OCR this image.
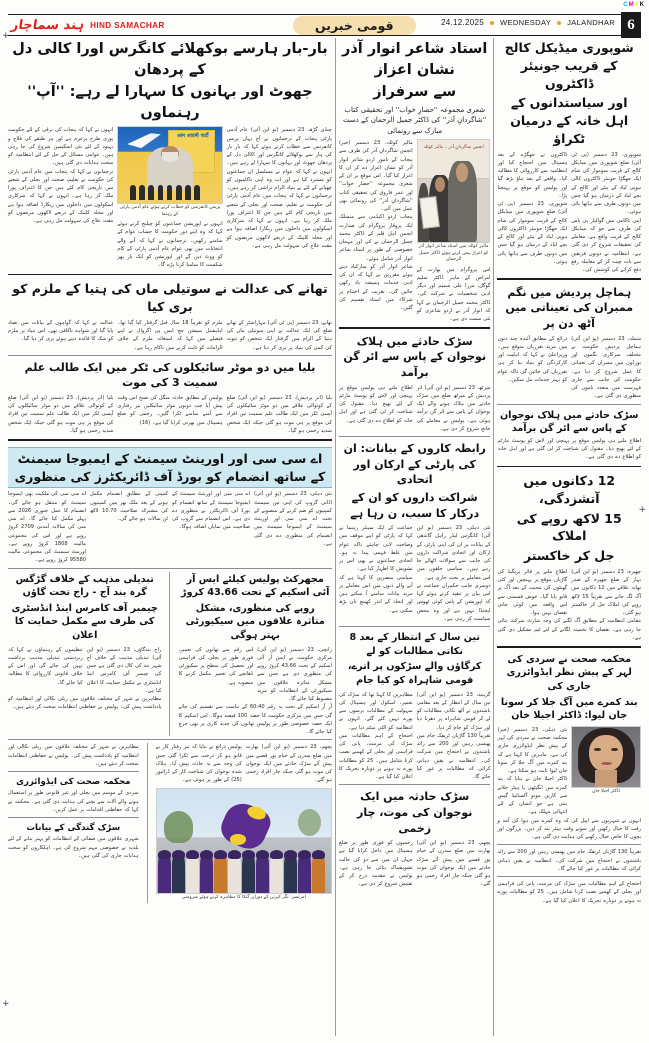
+
+
+
CMYK
ہند سماچار HIND SAMACHAR	قومی خبریں	24.12.2025 WEDNESDAY JALANDHAR 6
بار-بار ہارسے بوکھلائے کانگرس اورا کالی دل کے پردھان
جھوٹ اور بہانوں کا سہارا لے رہے: ''آپ'' رہنماوں
چنڈی گڑھ، 23 دسمبر (یو این آئی) عام آدمی پارٹی پنجاب کے ترجمانوں نے آج یہاں پریس کانفرنس سے خطاب کرتے ہوئے کہا کہ بار بار کی ہار سے بوکھلائے کانگرس اور اکالی دل کے پردھان جھوٹ اور بہانوں کا سہارا لے رہے ہیں۔ انہوں نے کہا کہ عوام نے مسلسل ان جماعتوں کو مسترد کیا ہے اور اب وہ اپنی ناکامیوں کو چھپانے کے لئے بے بنیاد الزام تراشی کر رہے ہیں۔
ترجمانوں نے کہا کہ پنجاب میں عام آدمی پارٹی کی حکومت نے تعلیم، صحت اور بجلی کے شعبے میں تاریخی کام کئے ہیں جن کا اعتراف پورا ملک کر رہا ہے۔ انہوں نے کہا کہ سرکاری اسکولوں میں داخلوں میں ریکارڈ اضافہ ہوا ہے اور محلہ کلینک کے ذریعے لاکھوں مریضوں کو مفت علاج کی سہولت مل رہی ہے۔
आम आदमी पार्टी
پریس کانفرنس کو خطاب کرتے ہوئے عام آدمی پارٹی کے رہنما
انہوں نے اپوزیشن جماعتوں کو چیلنج کرتے ہوئے کہا کہ وہ اپنے دور حکومت کا حساب عوام کے سامنے رکھیں۔ ترجمانوں نے کہا کہ آنے والے انتخابات میں بھی عوام عام آدمی پارٹی کے کام کو ووٹ دیں گے اور اپوزیشن کو ایک بار پھر شکست کا سامنا کرنا پڑے گا۔
انہوں نے کہا کہ پنجاب کی ترقی کے لئے حکومت پوری طرح پرعزم ہے اور ہر طبقے کی فلاح و بہبود کے لئے نئی اسکیمیں شروع کی جا رہی ہیں۔ عوامی مسائل کے حل کے لئے انتظامیہ کو سخت ہدایات دی گئی ہیں۔
ترجمانوں نے کہا کہ پنجاب میں عام آدمی پارٹی کی حکومت نے تعلیم، صحت اور بجلی کے شعبے میں تاریخی کام کئے ہیں جن کا اعتراف پورا ملک کر رہا ہے۔ انہوں نے کہا کہ سرکاری اسکولوں میں داخلوں میں ریکارڈ اضافہ ہوا ہے اور محلہ کلینک کے ذریعے لاکھوں مریضوں کو مفت علاج کی سہولت مل رہی ہے۔
تھانے کی عدالت نے سوتیلی ماں کی ہتیا کے ملزم کو بری کیا
تھانے، 23 دسمبر (پی ٹی آئی) مہاراشٹر کے تھانے ضلع کی ایک عدالت نے اپنی سوتیلی ماں کی ہتیا کے الزام میں گرفتار ایک شخص کو ثبوت کی کمی کی بنیاد پر بری کر دیا ہے۔
ملزم کو تقریباً 18 سال قبل گرفتار کیا گیا تھا۔ ایڈیشنل سیشن جج ایس پی اگروال نے اپنے فیصلے میں کہا کہ استغاثہ ملزم کے خلاف الزامات کو ثابت کرنے میں ناکام رہا ہے۔
عدالت نے کہا کہ گواہوں کے بیانات میں تضاد پایا گیا اور شواہد ناکافی تھے۔ اس بنیاد پر ملزم کو شک کا فائدہ دیتے ہوئے بری کر دیا گیا۔
بلیا میں دو موٹر سائیکلوں کی ٹکر میں ایک طالب علم سمیت 3 کی موت
بلیا (اتر پردیش)، 23 دسمبر (یو این آئی) ضلع کے کوتوالی علاقے میں دو موٹر سائیکلوں کی آپسی ٹکر میں ایک طالب علم سمیت تین افراد کی موقع پر ہی موت ہو گئی جبکہ ایک شخص شدید زخمی ہو گیا۔
پولیس کے مطابق حادثہ منگل کی صبح اس وقت پیش آیا جب دونوں موٹر سائیکلیں تیز رفتاری سے آمنے سامنے ٹکرا گئیں۔ زخمی کو ضلع ہسپتال میں بھرتی کرایا گیا ہے۔ (16)
بلیا (اتر پردیش)، 23 دسمبر (یو این آئی) ضلع کے کوتوالی علاقے میں دو موٹر سائیکلوں کی آپسی ٹکر میں ایک طالب علم سمیت تین افراد کی موقع پر ہی موت ہو گئی جبکہ ایک شخص شدید زخمی ہو گیا۔
اے سی سی اور اورینٹ سیمنٹ کے ایمبوجا سیمنٹ کے ساتھ انضمام کو بورڈ آف ڈائریکٹرز کی منظوری
نئی دہلی، 23 دسمبر (یو این آئی) اڈانی گروپ کی اپنی تین سیمنٹ کمپنیوں کو ضم کرنے کے منصوبے کے تحت اے سی سی اور اورینٹ سیمنٹ کے ایمبوجا سیمنٹ میں انضمام کی منظوری دے دی گئی ہے۔
اے سی سی اور اورینٹ سیمنٹ کے ایمبوجا سیمنٹ کے ساتھ انضمام کو بورڈ آف ڈائریکٹرز نے منظوری دے دی ہے۔ اس انضمام سے گروپ کی صلاحیت میں نمایاں اضافہ ہوگا۔
کمپنی کے مطابق انضمام مکمل ہونے کے بعد ملک بھر میں کمپنیوں کی مشترکہ صلاحیت 10.70 لاکھ ٹن سالانہ ہو جائے گی۔
اے سی سی کی ملکیت بھی ایمبوجا سیمنٹ کو منتقل ہو جائے گی۔ انضمام کا عمل جنوری 2026 سے پہلے مکمل کیا جائے گا۔ اے سی سی کی سالانہ آمدنی 2709 کروڑ روپے ہے اور اس کی مجموعی مالیت 1808 کروڑ روپے ہے۔ اورینٹ سیمنٹ کی مجموعی مالیت 95580 کروڑ روپے ہے۔
مجھرکٹ پولیس کیلئے ایس آر آئی اسکیم کے تحت 43.66 کروڑ
روپے کی منظوری، مشکل متاثرہ علاقوں میں سیکیورٹی بہتر ہوگی
رانچی، 23 دسمبر (یو این آئی) مرکزی حکومت نے ایس آر آئی اسکیم کے تحت 43.66 کروڑ روپے کی منظوری دی ہے جس سے مشکل متاثرہ علاقوں میں سیکیورٹی کے انتظامات کو مزید مضبوط کیا جائے گا۔
اس رقم سے تھانوں کی تعمیر، فوری طور پر بجلی کی فراہمی اور تحصیل کی سطح پر سکیورٹی ڈھانچے کی تعمیر مکمل کرنے کا منصوبہ ہے۔
آر آر اسکیم کے تحت یہ رقم 60:40 کے تناسب سے تقسیم کی جائے گی جس میں مرکزی حکومت کا حصہ 100 فیصد ہوگا۔ اس اسکیم کا ایک حصہ خصوصی طور پر پولیس تھانوں کی جدید کاری پر بھی خرچ کیا جائے گا۔
تبدیلی مذہب کے خلاف گڑگس گرہ بند آج - راج تخت گاؤں
چیمبر آف کامرس اینڈ انڈسٹری کی طرف سے مکمل حمایت کا اعلان
راج نندگاؤں، 23 دسمبر (یو این آئی) تبدیلی مذہب کے خلاف آج شہر بند کی کال دی گئی ہے جس کی چیمبر آف کامرس اینڈ انڈسٹری نے مکمل حمایت کا اعلان کیا ہے۔
تنظیموں کے رہنماؤں نے کہا کہ زبردستی تبدیلی مذہب برداشت نہیں کی جائے گی اور اس کے خلاف قانونی کارروائی کا مطالبہ کیا جائے گا۔
مظاہرین نے شہر کے مختلف علاقوں میں ریلی نکالی اور انتظامیہ کو یادداشت پیش کی۔ پولیس نے حفاظتی انتظامات سخت کر دیئے ہیں۔
پچھم، 23 دسمبر (یو این آئی) بھارت میں ضلع سدرن کے خیام پور قصبے میں پیش آئے سڑک حادثے میں ایک نوجوان کی موت ہو گئی جبکہ چار افراد زخمی ہو گئے۔
پولیس ذرائع نے بتایا کہ تیز رفتار کار بے قابو ہو کر درخت سے ٹکرا گئی جس کی وجہ سے یہ حادثہ پیش آیا۔ ہلاک شدہ نوجوان کی شناخت کار کے ڈرائیور (25) کے طور پر ہوئی ہے۔
امرتسر: نگر کیرتن کے دوران گتکا کا مظاہرہ کرتے ہوئے شرومنی
مظاہرین نے شہر کے مختلف علاقوں میں ریلی نکالی اور انتظامیہ کو یادداشت پیش کی۔ پولیس نے حفاظتی انتظامات سخت کر دیئے ہیں۔
محکمہ صحت کی ایڈوائزری
سردی کے موسم میں بجلی اور غیر قانونی طور پر استعمال ہونے والے آلات سے بچنے کی ہدایت دی گئی ہے۔ محکمہ نے کہا کہ حفاظتی اقدامات پر عمل کریں۔
سڑک گندگی کے بیانات
شہری علاقوں میں صفائی کے انتظامات کو بہتر بنانے کے لئے بلدیہ نے خصوصی مہم شروع کی ہے۔ اہلکاروں کو سخت ہدایات جاری کی گئی ہیں۔
استاد شاعر انوار آذر نشان اعزاز
سے سرفراز
شعری مجموعہ ''حصارِ خواب'' اور تحقیقی کتاب ''شاگردانِ آذر'' کی ڈاکٹر جمیل الرحمان کے دست مبارک سے رونمائی
انجمن شاگردانِ آذر ۔ مالیر کوٹلہ
مالیر کوٹلہ میں استاد شاعر انوار آذر کو اعزاز پیش کرتے ہوئے ڈاکٹر جمیل الرحمان
اس پروگرام میں بھارت کے امراض کے ماہر ڈاکٹر سلیم گوگل، مرزا علی شمیم اور دیگر ادبی شخصیات نے شرکت کی۔ ڈاکٹر محمد جمیل الرحمان نے کہا کہ انوار آذر نے اردو شاعری کو نئی سمت دی ہے۔
مالیر کوٹلہ، 23 دسمبر (خبر) انجمن شاگردانِ آذر کی طرف سے پنجاب کے نامور اردو شاعر انوار آذر کو نشان اعزاز دے کر ان کا اعزاز کیا گیا۔ اس موقع پر ان کے شعری مجموعہ ''حصارِ خواب'' اور عمر فاروق کی تحقیقی کتاب ''شاگردانِ آذر'' کی رونمائی بھی عمل میں آئی۔
پنجاب اردو اکیڈمی سے منسلک ایک پروقار پروگرام کی صدارت انجمن اہل قلم کے ڈاکٹر محمد جمیل الرحمان نے کی اور مہمان خصوصی کے طور پر استاد شاعر انوار آذر شامل ہوئے۔
شاعر انوار آذر کو مبارکباد دیتے ہوئے مقررین نے کہا کہ ان کی ادبی خدمات ہمیشہ یاد رکھی جائیں گی۔ تقریب کے اختتام پر شرکاء میں اسناد تقسیم کی گئیں۔
سڑک حادثے میں ہلاک نوجوان کے پاس سے ائر گن برآمد
میرٹھ، 23 دسمبر (یو این آئی) اتر پردیش کے میرٹھ ضلع میں سڑک حادثے میں ہلاک ہونے والے ایک نوجوان کے پاس سے ائر گن برآمد ہوئی ہے۔ پولیس نے معاملے کی جانچ شروع کر دی ہے۔
اطلاع ملتے ہی پولیس موقع پر پہنچی اور لاش کو پوسٹ مارٹم کے لئے بھیج دیا۔ مقتول کی شناخت کر لی گئی ہے اور اہل خانہ کو اطلاع دے دی گئی ہے۔
رابطہ کاروں کے بیانات: ان کی پارٹی کے ارکان اور اتحادی
شراکت داروں کو ان کے درکار کا سبب، ن رہا ہے
نئی دہلی، 23 دسمبر (یو این آئی) کانگرس لیڈر راہل گاندھی کے بیانات پر ان کی اپنی پارٹی کے ارکان اور اتحادی شراکت داروں کی جانب سے سوالات اٹھائے جا رہے ہیں۔ سیاسی حلقوں میں اس معاملے پر بحث جاری ہے۔
دوسری جانب حکمراں جماعت نے اس بیان پر تنقید کرتے ہوئے کہا کہ اپوزیشن کے پاس کوئی ٹھوس ایجنڈا نہیں ہے اور وہ محض سیاست کر رہی ہے۔
جماعت کے ایک سینئر رہنما نے کہا کہ پارٹی کو اپنے موقف میں وضاحت لانی چاہئے تاکہ عوام میں غلط فہمی پیدا نہ ہو۔ اتحادی جماعتوں نے بھی اس پر تشویش کا اظہار کیا ہے۔
سیاسی مبصرین کا کہنا ہے کہ آنے والے دنوں میں اس معاملے پر مزید بیانات سامنے آ سکتے ہیں اور اتحاد کے اندر کھینچ تان بڑھ سکتی ہے۔
تین سال کے انتظار کے بعد 8 نکاتی مطالبات کو لے
کرگاؤں والے سڑکوں پر اترے، قومی شاہراہ کو کیا جام
گریبند، 23 دسمبر (یو این آئی) تین سال کے انتظار کے بعد مقامی باشندوں نے آٹھ نکاتی مطالبات کو لے کر قومی شاہراہ پر دھرنا دیا اور سڑک کو جام کر دیا۔
تقریباً 130 گاڑیاں ٹریفک جام میں پھنسی رہیں اور 200 سے زائد باشندوں نے احتجاج میں شرکت کی۔ انتظامیہ نے یقین دہانی کرائی کہ مطالبات پر غور کیا جائے گا۔
مظاہرین کا کہنا تھا کہ سڑک کی تعمیر، اسکول اور ہسپتال کی سہولت کے مطالبات برسوں سے پورے نہیں کئے گئے۔ انہوں نے انتظامیہ کو الٹی میٹم دیا ہے۔
احتجاج کے اہم مطالبات میں سڑک کی مرمت، پانی کی فراہمی اور بجلی کے کھمبے نصب کرنا شامل ہیں۔ 25 کو مطالبات پورے نہ ہونے پر دوبارہ تحریک کا اعلان کیا گیا ہے۔
سڑک حادثہ میں ایک نوجوان کی موت، چار زخمی
پچھم، 23 دسمبر (یو این آئی) بھارت میں ضلع سدرن کے خیام پور قصبے میں پیش آئے سڑک حادثے میں ایک نوجوان کی موت ہو گئی جبکہ چار افراد زخمی ہو گئے۔
زخمیوں کو فوری طور پر ضلع ہسپتال میں داخل کرایا گیا ہے جہاں ان میں سے دو کی حالت تشویشناک بتائی جا رہی ہے۔ پولیس نے مقدمہ درج کر کے تفتیش شروع کر دی ہے۔
شوپوری میڈیکل کالج کے قریب جونیئر ڈاکٹروں
اور سیاستدانوں کے اہل خانہ کے درمیان ٹکراؤ
شوپوری، 23 دسمبر (پی ٹی آئی) ضلع شوپوری میں میڈیکل کالج کے قریب سوموار کی شام ایک جھگڑا جونیئر ڈاکٹروں کالی ہوپی لباد کے بیٹے اور کالج کے بچے لباد کے درمیان ہو گیا جس میں دونوں طرف سے ہاتھا پائی ہوئی۔
اپنی ناکامی میں گوالیار پی پاس کی طرف سے جو کہ میڈیکل کالج کے قریب واقع ہے، معاملے کی تحقیقات شروع کر دی گئی ہے۔ انتظامیہ نے دونوں فریقین سے بات چیت کر کے معاملہ رفع دفع کرانے کی کوشش کی۔
ڈاکٹروں نے جھگڑے کے بعد ہسپتال میں احتجاج کیا اور انتظامیہ سے کارروائی کا مطالبہ کیا۔ واقعے کے بعد تناؤ بڑھ گیا اور پولیس کو موقع پر پہنچنا پڑا۔
شوپوری، 23 دسمبر (پی ٹی آئی) ضلع شوپوری میں میڈیکل کالج کے قریب سوموار کی شام ایک جھگڑا جونیئر ڈاکٹروں کالی ہوپی لباد کے بیٹے اور کالج کے بچے لباد کے درمیان ہو گیا جس میں دونوں طرف سے ہاتھا پائی ہوئی۔
ہماچل پردیش میں نگم ممبران کی تعیناتی میں آٹھ دن پر
شملہ، 23 دسمبر (یو این آئی) ہماچل پردیش حکومت نے مختلف سرکاری نگموں اور بورڈوں میں ممبران کی تعیناتی کا عمل شروع کر دیا ہے۔ حکومت کی جانب سے جاری فہرست میں متعدد ناموں کی منظوری دی گئی ہے۔
ذرائع کے مطابق آئندہ چند دنوں میں مزید تقرریاں متوقع ہیں۔ وزیراعلیٰ نے کہا کہ اہلیت اور کارکردگی کو بنیاد بنا کر ہی تقرریاں کی جائیں گی تاکہ عوام کو بہتر خدمات مل سکیں۔
سڑک حادثے میں ہلاک نوجوان کے پاس سے ائر گن برآمد
اطلاع ملتے ہی پولیس موقع پر پہنچی اور لاش کو پوسٹ مارٹم کے لئے بھیج دیا۔ مقتول کی شناخت کر لی گئی ہے اور اہل خانہ کو اطلاع دے دی گئی ہے۔
12 دکانوں میں آتشزدگی،
15 لاکھ روپے کی املاک
جل کر خاکستر
چھپرہ، 23 دسمبر (یو این آئی) بہار کے ضلع چھپرہ کے صدر تھانہ علاقے میں 12 دکانوں میں آگ لگ جانے سے تقریباً 15 لاکھ روپے کی املاک جل کر خاکستر ہو گئی۔
اطلاع ملنے پر فائر بریگیڈ کی گاڑیاں موقع پر پہنچیں اور کئی گھنٹوں کی محنت کے بعد آگ پر قابو پایا گیا۔ خوش قسمتی سے اس واقعہ میں کوئی جانی نقصان نہیں ہوا۔
مقامی انتظامیہ کے مطابق آگ لگنے کی وجہ شارٹ سرکٹ بتائی جا رہی ہے۔ نقصان کا تخمینہ لگانے کے لئے ٹیم تشکیل دی گئی ہے۔
محکمہ صحت نے سردی کی لہر کے پیش نظر ایڈوائزری جاری کی
بند کمرے میں آگ جلا کر سونا جان لیوا: ڈاکٹر اجیلا خان
ڈاکٹر اجیلا خان
نئی دہلی، 23 دسمبر (خبر) محکمہ صحت نے سردی کی لہر کے پیش نظر ایڈوائزری جاری کی ہے۔ ماہرین کا کہنا ہے کہ بند کمرے میں آگ جلا کر سونا جان لیوا ثابت ہو سکتا ہے۔
ڈاکٹر اجیلا خان نے بتایا کہ بند کمرے میں انگیٹھی یا ہیٹر جلانے سے کاربن مونو آکسائیڈ گیس بنتی ہے جو انسان کے لئے انتہائی مہلک ہے۔
انہوں نے شہریوں سے اپیل کی کہ وہ کمرے میں ہوا کی آمد و رفت کا خیال رکھیں اور سوتے وقت ہیٹر بند کر دیں۔ بزرگوں اور بچوں کا خاص خیال رکھنے کی ہدایت دی گئی ہے۔
تقریباً 130 گاڑیاں ٹریفک جام میں پھنسی رہیں اور 200 سے زائد باشندوں نے احتجاج میں شرکت کی۔ انتظامیہ نے یقین دہانی کرائی کہ مطالبات پر غور کیا جائے گا۔
احتجاج کے اہم مطالبات میں سڑک کی مرمت، پانی کی فراہمی اور بجلی کے کھمبے نصب کرنا شامل ہیں۔ 25 کو مطالبات پورے نہ ہونے پر دوبارہ تحریک کا اعلان کیا گیا ہے۔
